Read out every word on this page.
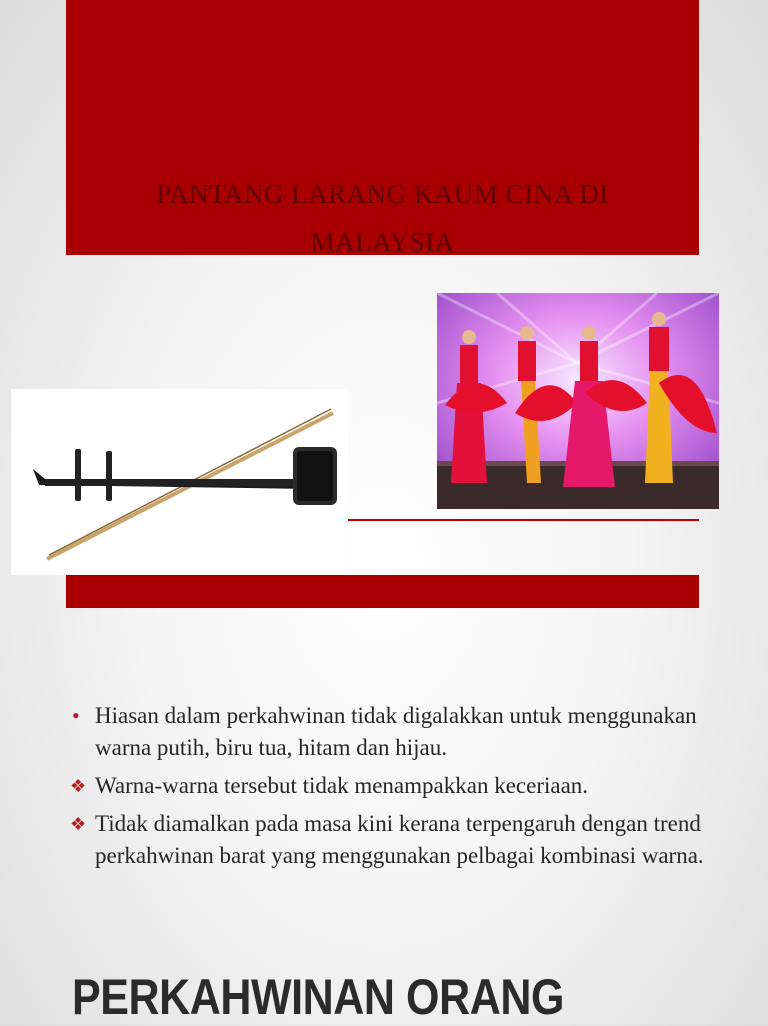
PANTANG LARANG KAUM CINA DI
MALAYSIA
• Hiasan dalam perkahwinan tidak digalakkan untuk menggunakan warna putih, biru tua, hitam dan hijau.
❖ Warna-warna tersebut tidak menampakkan keceriaan.
❖ Tidak diamalkan pada masa kini kerana terpengaruh dengan trend perkahwinan barat yang menggunakan pelbagai kombinasi warna.
PERKAHWINAN ORANG
